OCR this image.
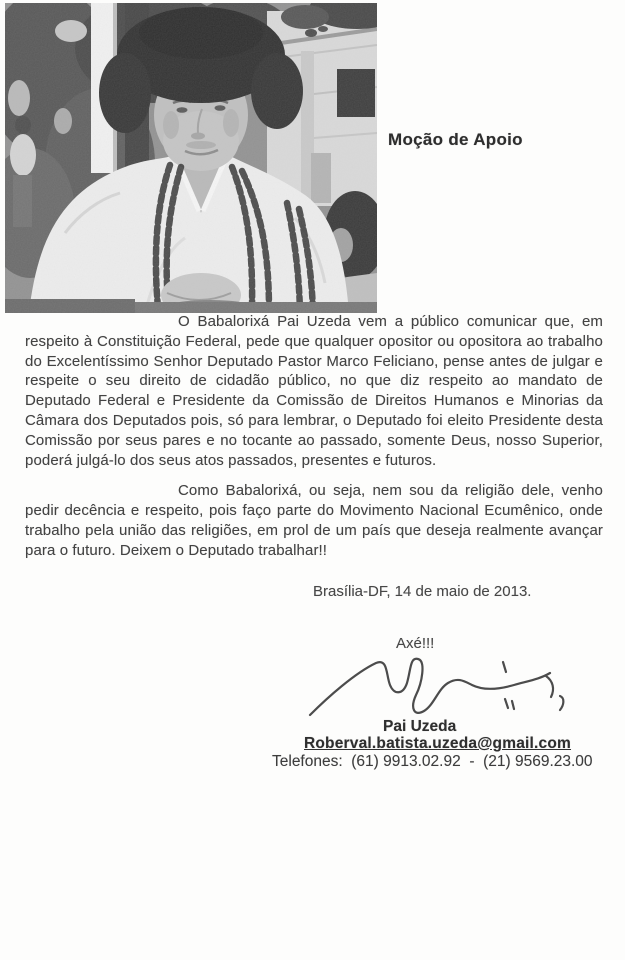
Moção de Apoio

O Babalorixá Pai Uzeda vem a público comunicar que, em respeito à Constituição Federal, pede que qualquer opositor ou opositora ao trabalho do Excelentíssimo Senhor Deputado Pastor Marco Feliciano, pense antes de julgar e respeite o seu direito de cidadão público, no que diz respeito ao mandato de Deputado Federal e Presidente da Comissão de Direitos Humanos e Minorias da Câmara dos Deputados pois, só para lembrar, o Deputado foi eleito Presidente desta Comissão por seus pares e no tocante ao passado, somente Deus, nosso Superior, poderá julgá-lo dos seus atos passados, presentes e futuros.

Como Babalorixá, ou seja, nem sou da religião dele, venho pedir decência e respeito, pois faço parte do Movimento Nacional Ecumênico, onde trabalho pela união das religiões, em prol de um país que deseja realmente avançar para o futuro. Deixem o Deputado trabalhar!!

Brasília-DF, 14 de maio de 2013.
Axé!!!
Pai Uzeda
Roberval.batista.uzeda@gmail.com
Telefones:  (61) 9913.02.92  -  (21) 9569.23.00
